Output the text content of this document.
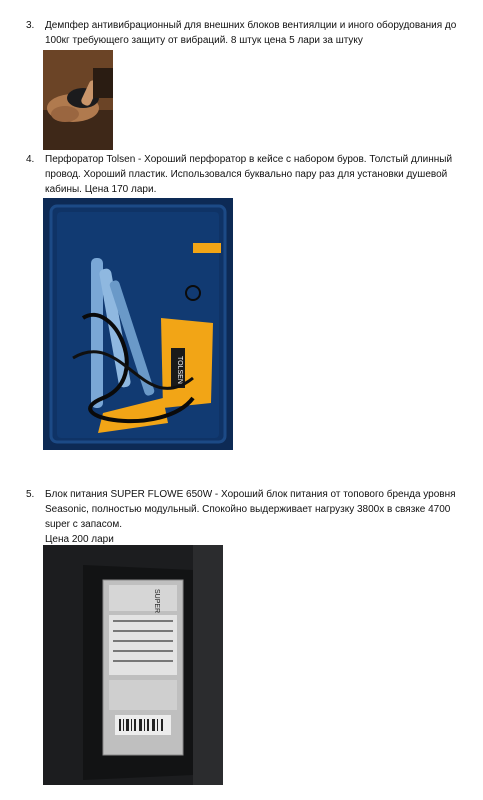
3. Демпфер антивибрационный для внешних блоков вентиялции и иного оборудования до
100кг требующего защиту от вибраций. 8 штук цена 5 лари за штуку
4. Перфоратор Tolsen - Хороший перфоратор в кейсе с набором буров. Толстый длинный
провод. Хороший пластик. Использовался буквально пару раз для установки душевой
кабины. Цена 170 лари.
TOLSEN
5. Блок питания SUPER FLOWE 650W - Хороший блок питания от топового бренда уровня
Seasonic, полностью модульный. Спокойно выдерживает нагрузку 3800x в связке 4700
super с запасом.
Цена 200 лари
